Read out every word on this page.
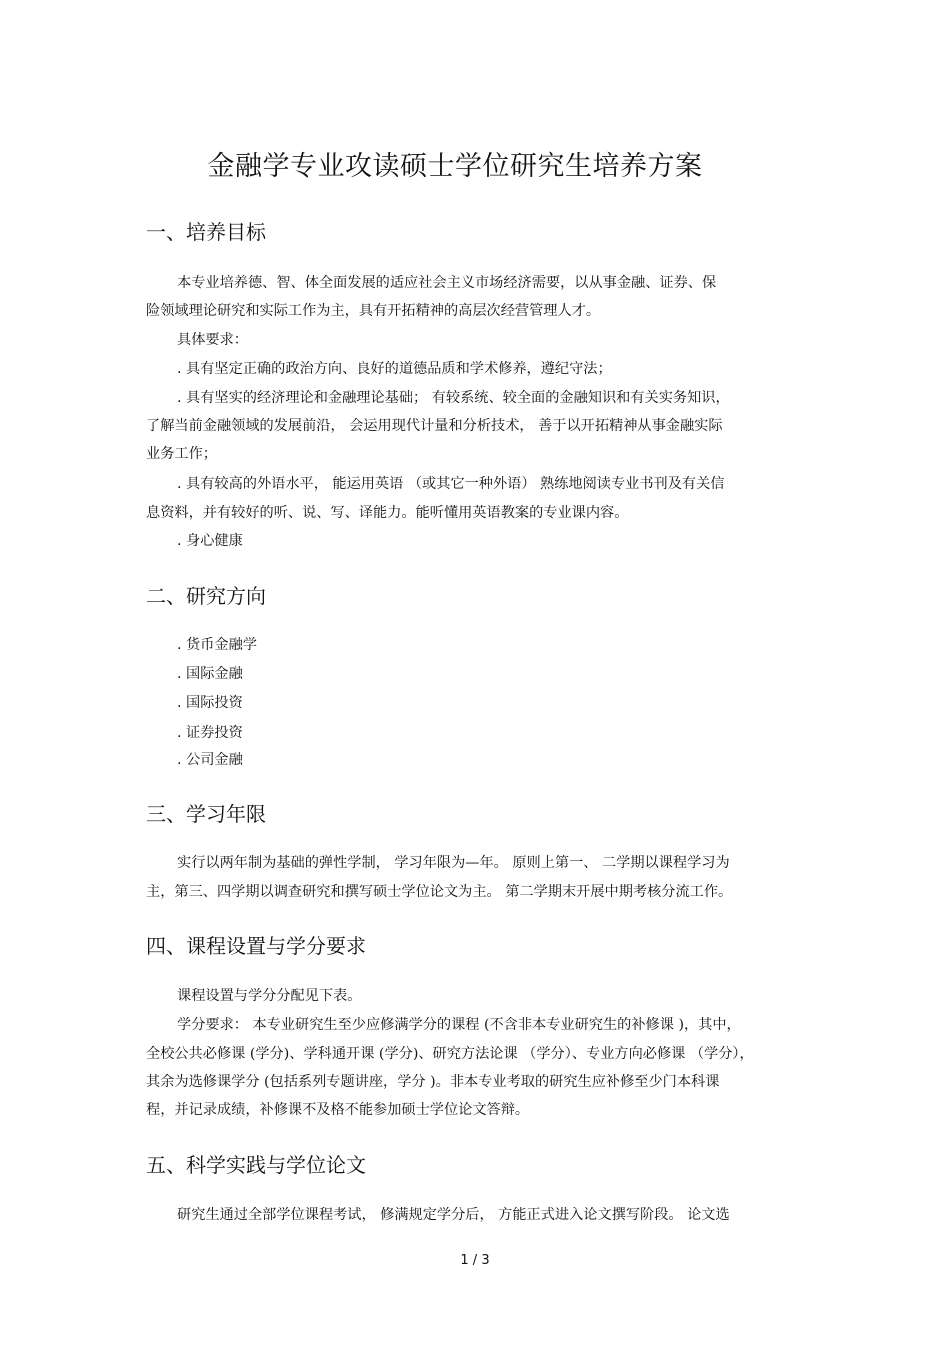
金融学专业攻读硕士学位研究生培养方案
一、培养目标
本专业培养德、智、体全面发展的适应社会主义市场经济需要，以从事金融、证券、保
险领域理论研究和实际工作为主，具有开拓精神的高层次经营管理人才。
具体要求：
. 具有坚定正确的政治方向、良好的道德品质和学术修养，遵纪守法；
. 具有坚实的经济理论和金融理论基础； 有较系统、较全面的金融知识和有关实务知识，
了解当前金融领域的发展前沿， 会运用现代计量和分析技术， 善于以开拓精神从事金融实际
业务工作；
. 具有较高的外语水平， 能运用英语 （或其它一种外语） 熟练地阅读专业书刊及有关信
息资料，并有较好的听、说、写、译能力。能听懂用英语教案的专业课内容。
. 身心健康
二、研究方向
. 货币金融学
. 国际金融
. 国际投资
. 证券投资
. 公司金融
三、学习年限
实行以两年制为基础的弹性学制， 学习年限为—年。 原则上第一、 二学期以课程学习为
主，第三、四学期以调查研究和撰写硕士学位论文为主。 第二学期末开展中期考核分流工作。
四、课程设置与学分要求
课程设置与学分分配见下表。
学分要求： 本专业研究生至少应修满学分的课程 (不含非本专业研究生的补修课 )，其中，
全校公共必修课 (学分)、学科通开课 (学分)、研究方法论课 （学分）、专业方向必修课 （学分），
其余为选修课学分 (包括系列专题讲座，学分 )。非本专业考取的研究生应补修至少门本科课
程，并记录成绩，补修课不及格不能参加硕士学位论文答辩。
五、科学实践与学位论文
研究生通过全部学位课程考试， 修满规定学分后， 方能正式进入论文撰写阶段。 论文选
1 / 3
